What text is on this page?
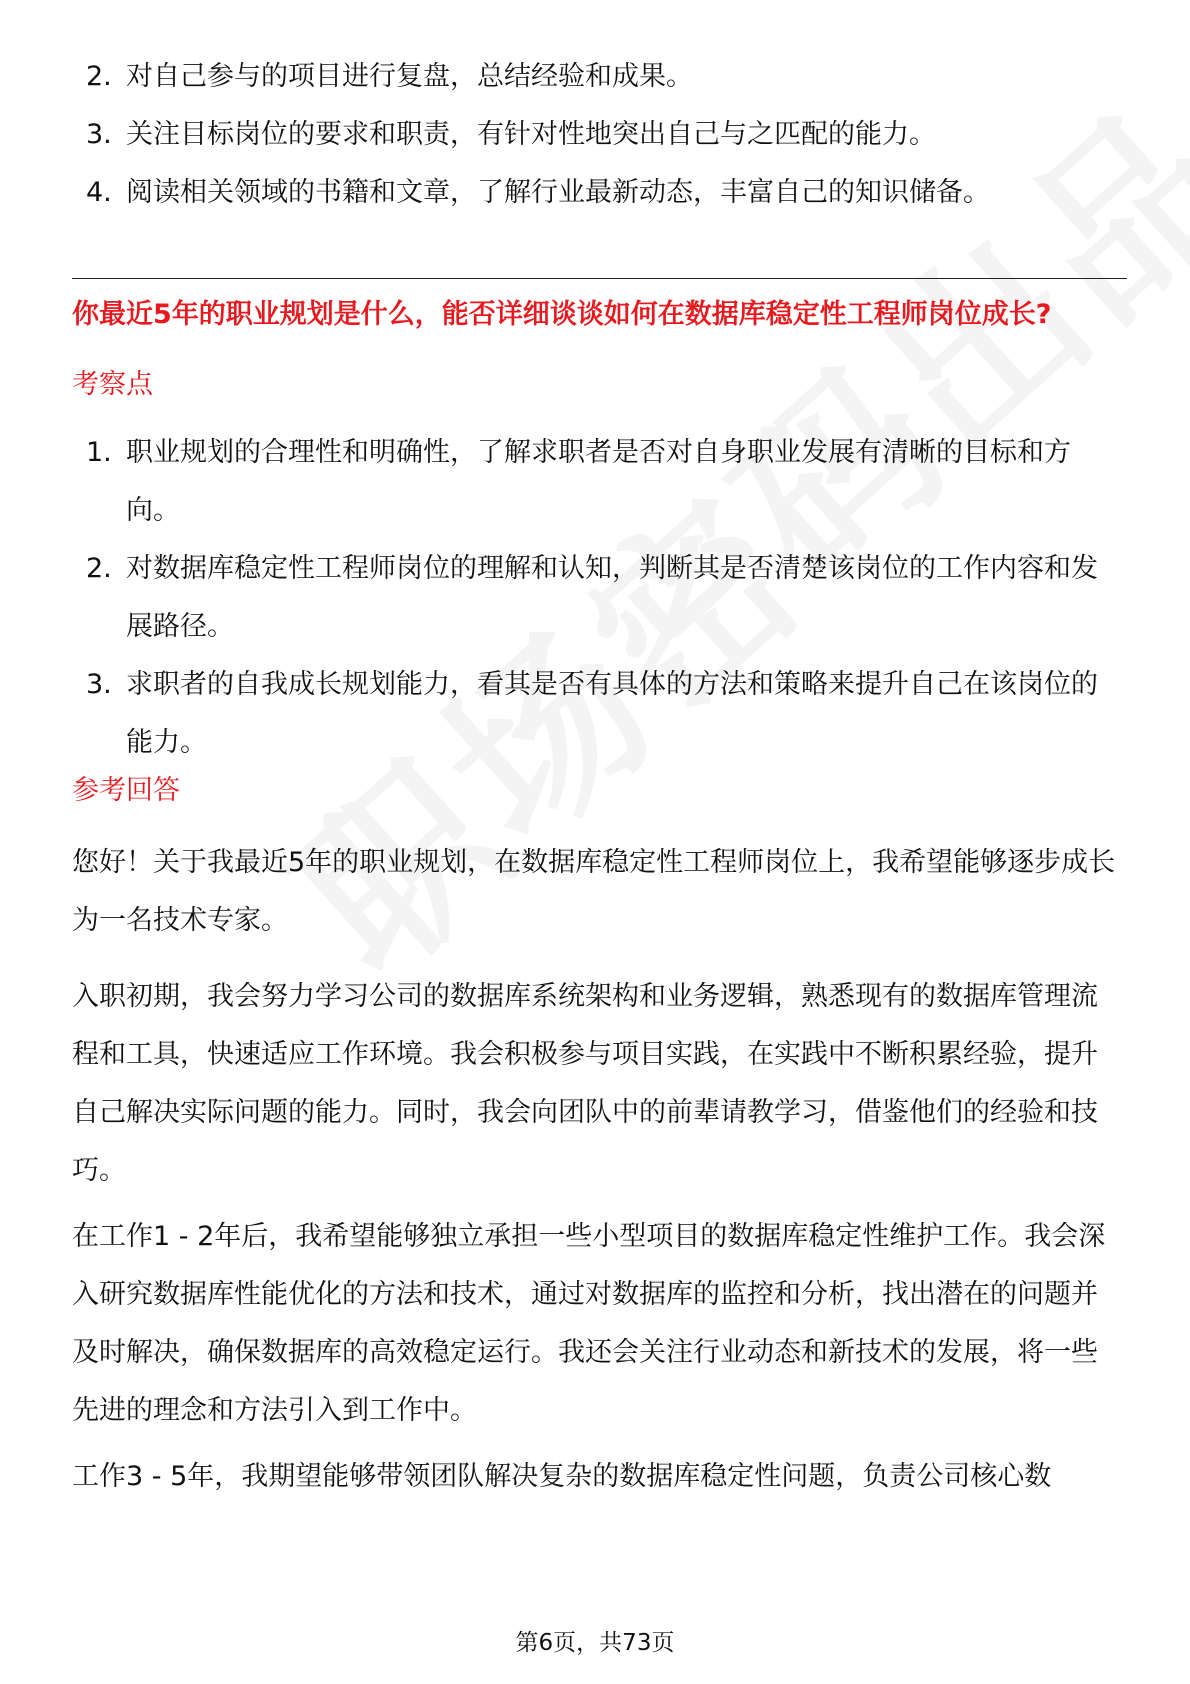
2. 对自己参与的项目进行复盘，总结经验和成果。
3. 关注目标岗位的要求和职责，有针对性地突出自己与之匹配的能力。
4. 阅读相关领域的书籍和文章，了解行业最新动态，丰富自己的知识储备。
你最近5年的职业规划是什么，能否详细谈谈如何在数据库稳定性工程师岗位成长?
考察点
1. 职业规划的合理性和明确性，了解求职者是否对自身职业发展有清晰的目标和方向。
2. 对数据库稳定性工程师岗位的理解和认知，判断其是否清楚该岗位的工作内容和发展路径。
3. 求职者的自我成长规划能力，看其是否有具体的方法和策略来提升自己在该岗位的能力。
参考回答

您好！关于我最近5年的职业规划，在数据库稳定性工程师岗位上，我希望能够逐步成长为一名技术专家。

入职初期，我会努力学习公司的数据库系统架构和业务逻辑，熟悉现有的数据库管理流程和工具，快速适应工作环境。我会积极参与项目实践，在实践中不断积累经验，提升自己解决实际问题的能力。同时，我会向团队中的前辈请教学习，借鉴他们的经验和技巧。

在工作1 - 2年后，我希望能够独立承担一些小型项目的数据库稳定性维护工作。我会深入研究数据库性能优化的方法和技术，通过对数据库的监控和分析，找出潜在的问题并及时解决，确保数据库的高效稳定运行。我还会关注行业动态和新技术的发展，将一些先进的理念和方法引入到工作中。

工作3 - 5年，我期望能够带领团队解决复杂的数据库稳定性问题，负责公司核心数

第6页，共73页
